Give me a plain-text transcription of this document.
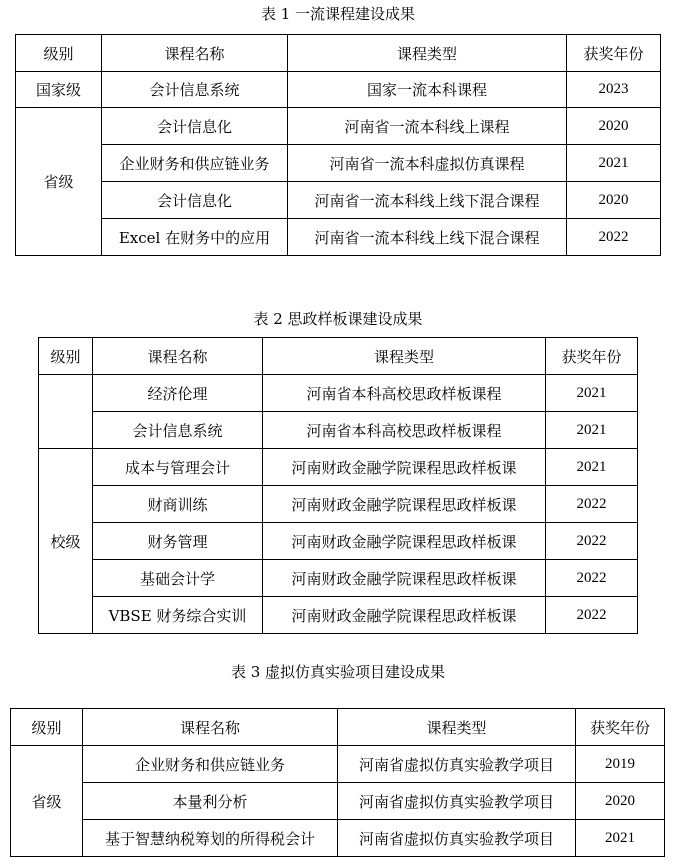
表 1 一流课程建设成果
级别	课程名称	课程类型	获奖年份
国家级	会计信息系统	国家一流本科课程	2023
省级	会计信息化	河南省一流本科线上课程	2020
	企业财务和供应链业务	河南省一流本科虚拟仿真课程	2021
	会计信息化	河南省一流本科线上线下混合课程	2020
	Excel 在财务中的应用	河南省一流本科线上线下混合课程	2022
表 2 思政样板课建设成果
级别	课程名称	课程类型	获奖年份
	经济伦理	河南省本科高校思政样板课程	2021
	会计信息系统	河南省本科高校思政样板课程	2021
校级	成本与管理会计	河南财政金融学院课程思政样板课	2021
	财商训练	河南财政金融学院课程思政样板课	2022
	财务管理	河南财政金融学院课程思政样板课	2022
	基础会计学	河南财政金融学院课程思政样板课	2022
	VBSE 财务综合实训	河南财政金融学院课程思政样板课	2022
表 3 虚拟仿真实验项目建设成果
级别	课程名称	课程类型	获奖年份
省级	企业财务和供应链业务	河南省虚拟仿真实验教学项目	2019
	本量利分析	河南省虚拟仿真实验教学项目	2020
	基于智慧纳税筹划的所得税会计	河南省虚拟仿真实验教学项目	2021
